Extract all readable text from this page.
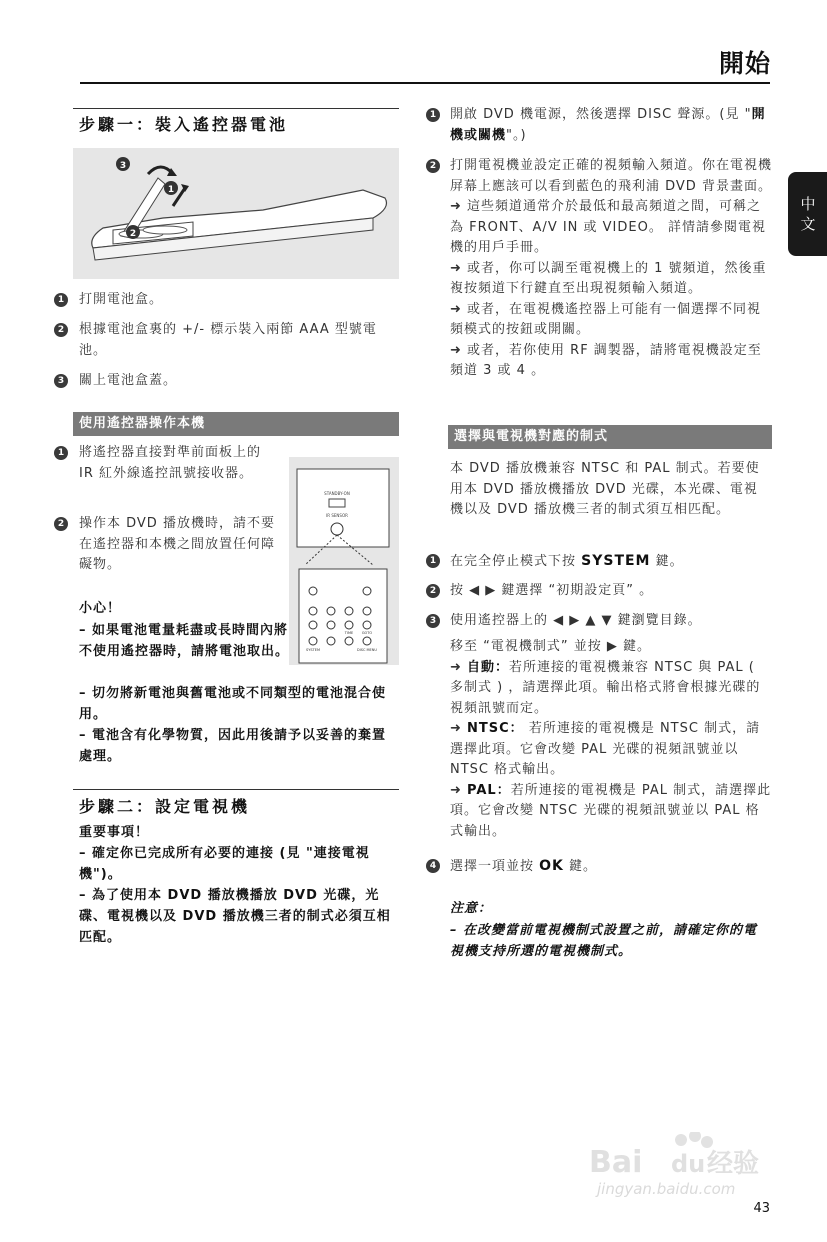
開始
中文
步驟一：裝入遙控器電池
3
1
2
1 打開電池盒。
2 根據電池盒裏的 +/- 標示裝入兩節 AAA 型號電池。
3 關上電池盒蓋。
使用遙控器操作本機
1 將遙控器直接對準前面板上的 IR 紅外線遙控訊號接收器。
2 操作本 DVD 播放機時，請不要在遙控器和本機之間放置任何障礙物。
STANDBY-ON
IR SENSOR
TIME GOTO
SYSTEM	DISC MENU
小心！
– 如果電池電量耗盡或長時間內將不使用遙控器時，請將電池取出。
– 切勿將新電池與舊電池或不同類型的電池混合使用。
– 電池含有化學物質，因此用後請予以妥善的棄置處理。
步驟二：設定電視機
重要事項！
– 確定你已完成所有必要的連接 (見 "連接電視機")。
– 為了使用本 DVD 播放機播放 DVD 光碟，光碟、電視機以及 DVD 播放機三者的制式必須互相匹配。
1 開啟 DVD 機電源，然後選擇 DISC 聲源。(見 "開機或關機"。)
2 打開電視機並設定正確的視頻輸入頻道。你在電視機屏幕上應該可以看到藍色的飛利浦 DVD 背景畫面。
➜ 這些頻道通常介於最低和最高頻道之間，可稱之為 FRONT、A/V IN 或 VIDEO。 詳情請參閱電視機的用戶手冊。
➜ 或者，你可以調至電視機上的 1 號頻道，然後重複按頻道下行鍵直至出現視頻輸入頻道。
➜ 或者，在電視機遙控器上可能有一個選擇不同視頻模式的按鈕或開關。
➜ 或者，若你使用 RF 調製器，請將電視機設定至頻道 3 或 4 。
選擇與電視機對應的制式
本 DVD 播放機兼容 NTSC 和 PAL 制式。若要使用本 DVD 播放機播放 DVD 光碟，本光碟、電視機以及 DVD 播放機三者的制式須互相匹配。
1 在完全停止模式下按 SYSTEM 鍵。
2 按 ◀ ▶ 鍵選擇 “初期設定頁” 。
3 使用遙控器上的 ◀ ▶ ▲ ▼ 鍵瀏覽目錄。
移至 “電視機制式” 並按 ▶ 鍵。
➜ 自動：若所連接的電視機兼容 NTSC 與 PAL ( 多制式 ) ，請選擇此項。輸出格式將會根據光碟的視頻訊號而定。
➜ NTSC： 若所連接的電視機是 NTSC 制式，請選擇此項。它會改變 PAL 光碟的視頻訊號並以 NTSC 格式輸出。
➜ PAL：若所連接的電視機是 PAL 制式，請選擇此項。它會改變 NTSC 光碟的視頻訊號並以 PAL 格式輸出。
4 選擇一項並按 OK 鍵。
注意：
– 在改變當前電視機制式設置之前，請確定你的電視機支持所選的電視機制式。
Bai du 经验
jingyan.baidu.com
43
